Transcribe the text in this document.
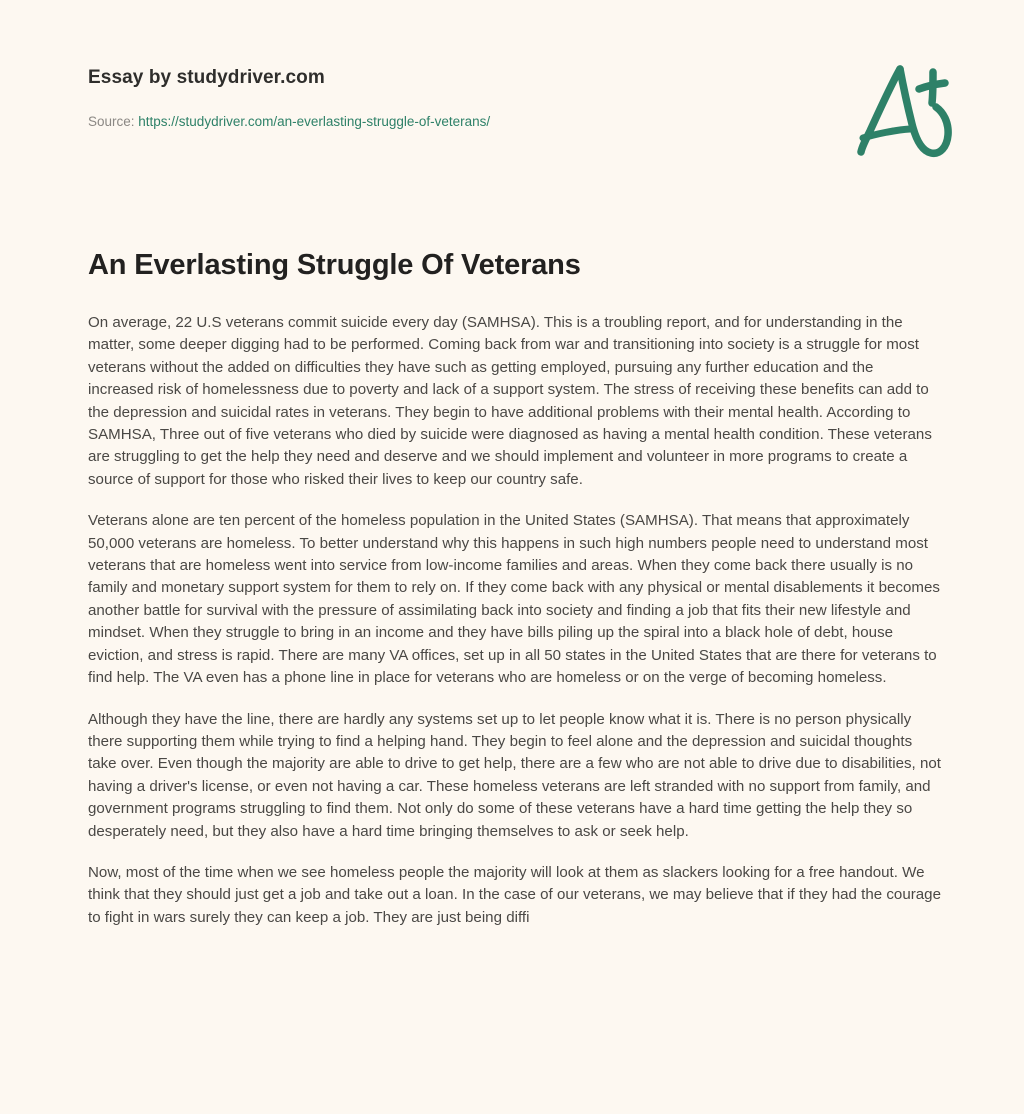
Essay by studydriver.com
Source: https://studydriver.com/an-everlasting-struggle-of-veterans/
An Everlasting Struggle Of Veterans

On average, 22 U.S veterans commit suicide every day (SAMHSA). This is a troubling report, and for understanding in the matter, some deeper digging had to be performed. Coming back from war and transitioning into society is a struggle for most veterans without the added on difficulties they have such as getting employed, pursuing any further education and the increased risk of homelessness due to poverty and lack of a support system. The stress of receiving these benefits can add to the depression and suicidal rates in veterans. They begin to have additional problems with their mental health. According to SAMHSA, Three out of five veterans who died by suicide were diagnosed as having a mental health condition. These veterans are struggling to get the help they need and deserve and we should implement and volunteer in more programs to create a source of support for those who risked their lives to keep our country safe.

Veterans alone are ten percent of the homeless population in the United States (SAMHSA). That means that approximately 50,000 veterans are homeless. To better understand why this happens in such high numbers people need to understand most veterans that are homeless went into service from low-income families and areas. When they come back there usually is no family and monetary support system for them to rely on. If they come back with any physical or mental disablements it becomes another battle for survival with the pressure of assimilating back into society and finding a job that fits their new lifestyle and mindset. When they struggle to bring in an income and they have bills piling up the spiral into a black hole of debt, house eviction, and stress is rapid. There are many VA offices, set up in all 50 states in the United States that are there for veterans to find help. The VA even has a phone line in place for veterans who are homeless or on the verge of becoming homeless.

Although they have the line, there are hardly any systems set up to let people know what it is. There is no person physically there supporting them while trying to find a helping hand. They begin to feel alone and the depression and suicidal thoughts take over. Even though the majority are able to drive to get help, there are a few who are not able to drive due to disabilities, not having a driver's license, or even not having a car. These homeless veterans are left stranded with no support from family, and government programs struggling to find them. Not only do some of these veterans have a hard time getting the help they so desperately need, but they also have a hard time bringing themselves to ask or seek help.

Now, most of the time when we see homeless people the majority will look at them as slackers looking for a free handout. We think that they should just get a job and take out a loan. In the case of our veterans, we may believe that if they had the courage to fight in wars surely they can keep a job. They are just being diffi
